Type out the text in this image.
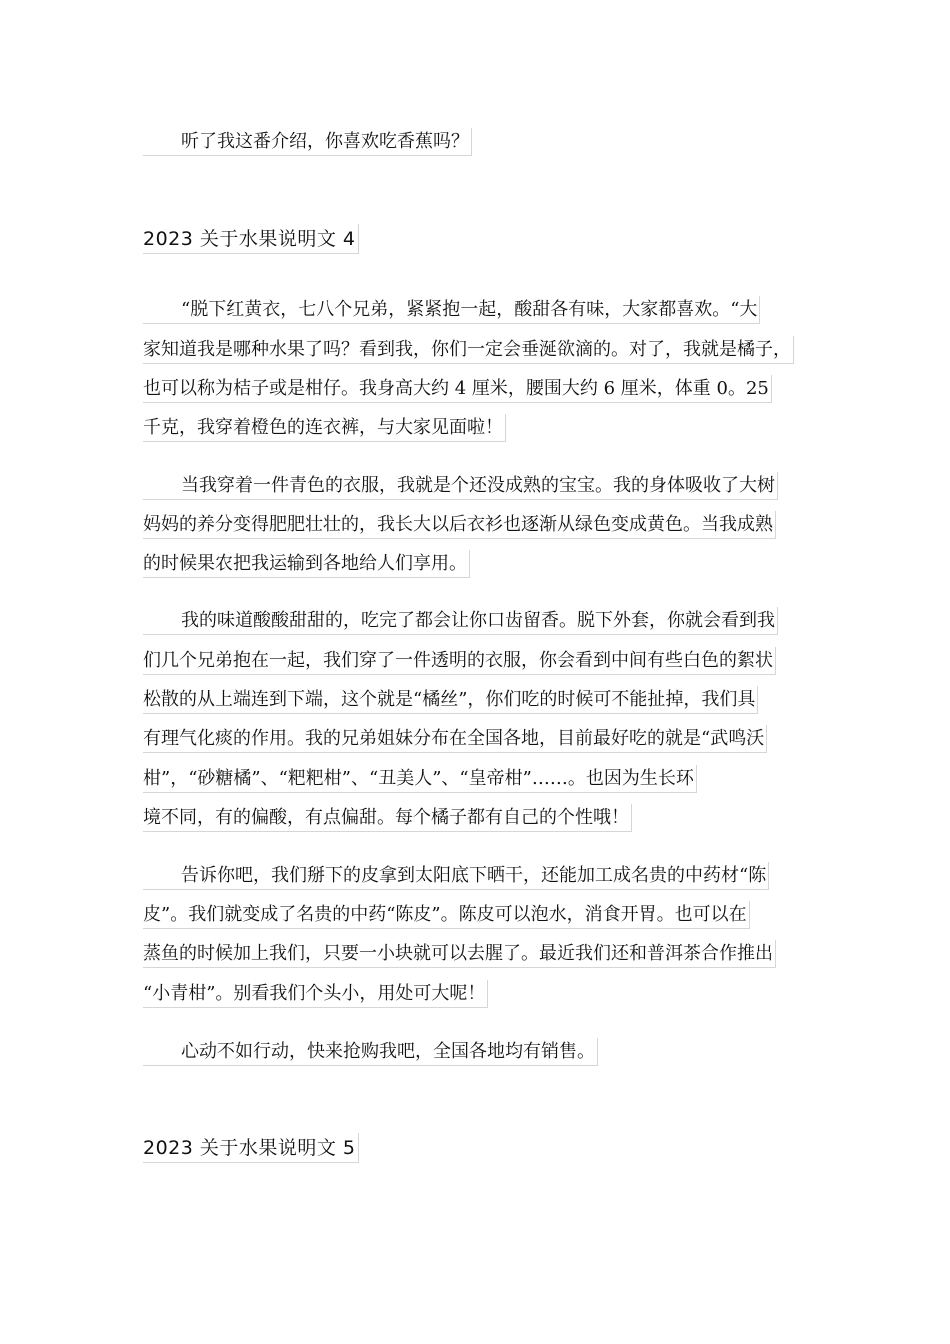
听了我这番介绍，你喜欢吃香蕉吗？
2023 关于水果说明文 4
“脱下红黄衣，七八个兄弟，紧紧抱一起，酸甜各有味，大家都喜欢。“大
家知道我是哪种水果了吗？看到我，你们一定会垂涎欲滴的。对了，我就是橘子，
也可以称为桔子或是柑仔。我身高大约 4 厘米，腰围大约 6 厘米，体重 0。25
千克，我穿着橙色的连衣裤，与大家见面啦！
当我穿着一件青色的衣服，我就是个还没成熟的宝宝。我的身体吸收了大树
妈妈的养分变得肥肥壮壮的，我长大以后衣衫也逐渐从绿色变成黄色。当我成熟
的时候果农把我运输到各地给人们享用。
我的味道酸酸甜甜的，吃完了都会让你口齿留香。脱下外套，你就会看到我
们几个兄弟抱在一起，我们穿了一件透明的衣服，你会看到中间有些白色的絮状
松散的从上端连到下端，这个就是“橘丝”，你们吃的时候可不能扯掉，我们具
有理气化痰的作用。我的兄弟姐妹分布在全国各地，目前最好吃的就是“武鸣沃
柑”，“砂糖橘”、“粑粑柑”、“丑美人”、“皇帝柑”……。也因为生长环
境不同，有的偏酸，有点偏甜。每个橘子都有自己的个性哦！
告诉你吧，我们掰下的皮拿到太阳底下晒干，还能加工成名贵的中药材“陈
皮”。我们就变成了名贵的中药“陈皮”。陈皮可以泡水，消食开胃。也可以在
蒸鱼的时候加上我们，只要一小块就可以去腥了。最近我们还和普洱茶合作推出
“小青柑”。别看我们个头小，用处可大呢！
心动不如行动，快来抢购我吧，全国各地均有销售。
2023 关于水果说明文 5
